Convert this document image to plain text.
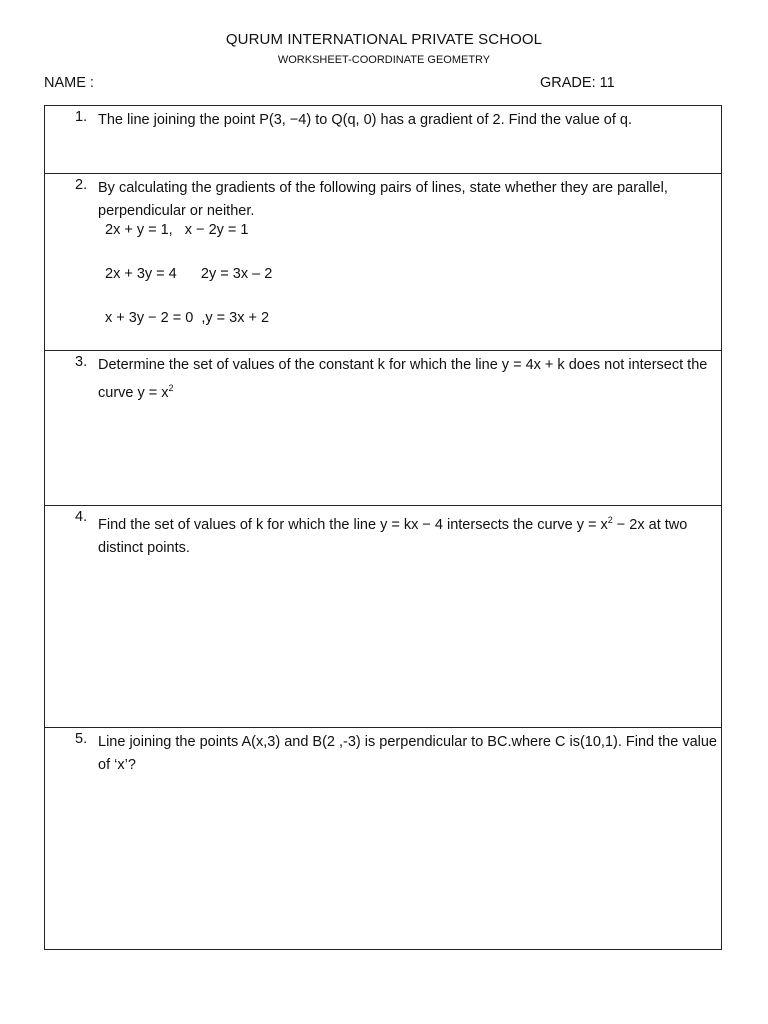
QURUM INTERNATIONAL PRIVATE SCHOOL
WORKSHEET-COORDINATE GEOMETRY
NAME :	GRADE: 11
1. The line joining the point P(3, −4) to Q(q, 0) has a gradient of 2. Find the value of q.
2. By calculating the gradients of the following pairs of lines, state whether they are parallel, perpendicular or neither.
2x + y = 1,   x − 2y = 1
2x + 3y = 4      2y = 3x – 2
x + 3y − 2 = 0  ,y = 3x + 2
3. Determine the set of values of the constant k for which the line y = 4x + k does not intersect the curve $y = x^2$
4. Find the set of values of k for which the line y = kx − 4 intersects the curve $y = x^2 - 2x$ at two distinct points.
5. Line joining the points A(x,3) and B(2 ,-3) is perpendicular to BC.where C is(10,1). Find the value of ‘x’?
